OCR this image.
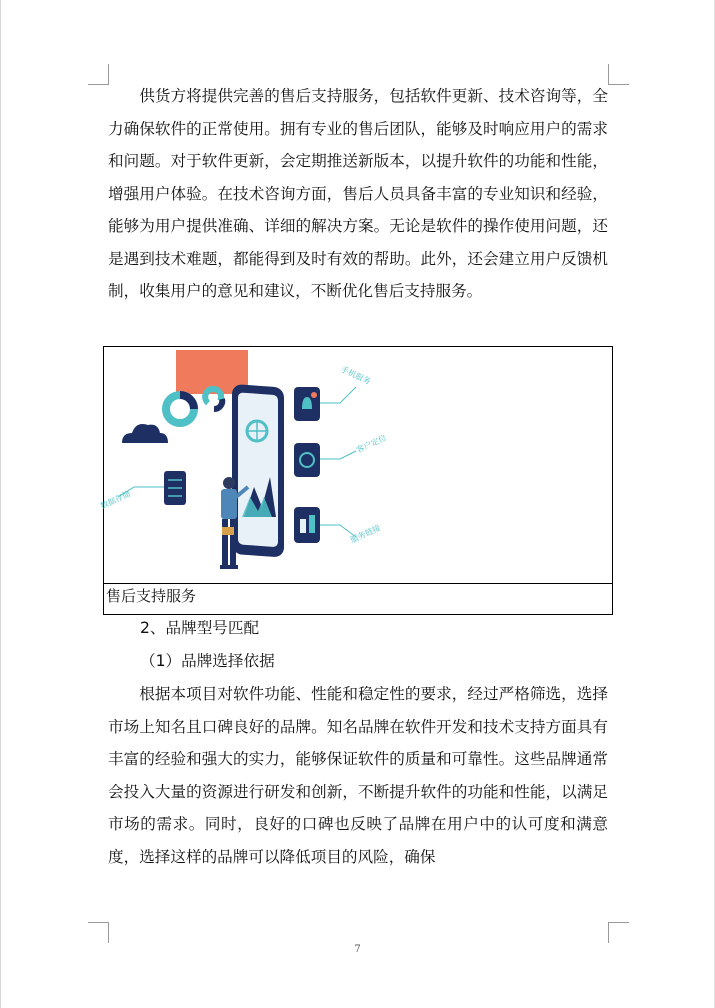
供货方将提供完善的售后支持服务，包括软件更新、技术咨询等，全力确保软件的正常使用。拥有专业的售后团队，能够及时响应用户的需求和问题。对于软件更新，会定期推送新版本，以提升软件的功能和性能，增强用户体验。在技术咨询方面，售后人员具备丰富的专业知识和经验，能够为用户提供准确、详细的解决方案。无论是软件的操作使用问题，还是遇到技术难题，都能得到及时有效的帮助。此外，还会建立用户反馈机制，收集用户的意见和建议，不断优化售后支持服务。
手机服务
客户定位
服务链接
数据存储
售后支持服务
2、品牌型号匹配
（1）品牌选择依据
根据本项目对软件功能、性能和稳定性的要求，经过严格筛选，选择市场上知名且口碑良好的品牌。知名品牌在软件开发和技术支持方面具有丰富的经验和强大的实力，能够保证软件的质量和可靠性。这些品牌通常会投入大量的资源进行研发和创新，不断提升软件的功能和性能，以满足市场的需求。同时，良好的口碑也反映了品牌在用户中的认可度和满意度，选择这样的品牌可以降低项目的风险，确保
7
